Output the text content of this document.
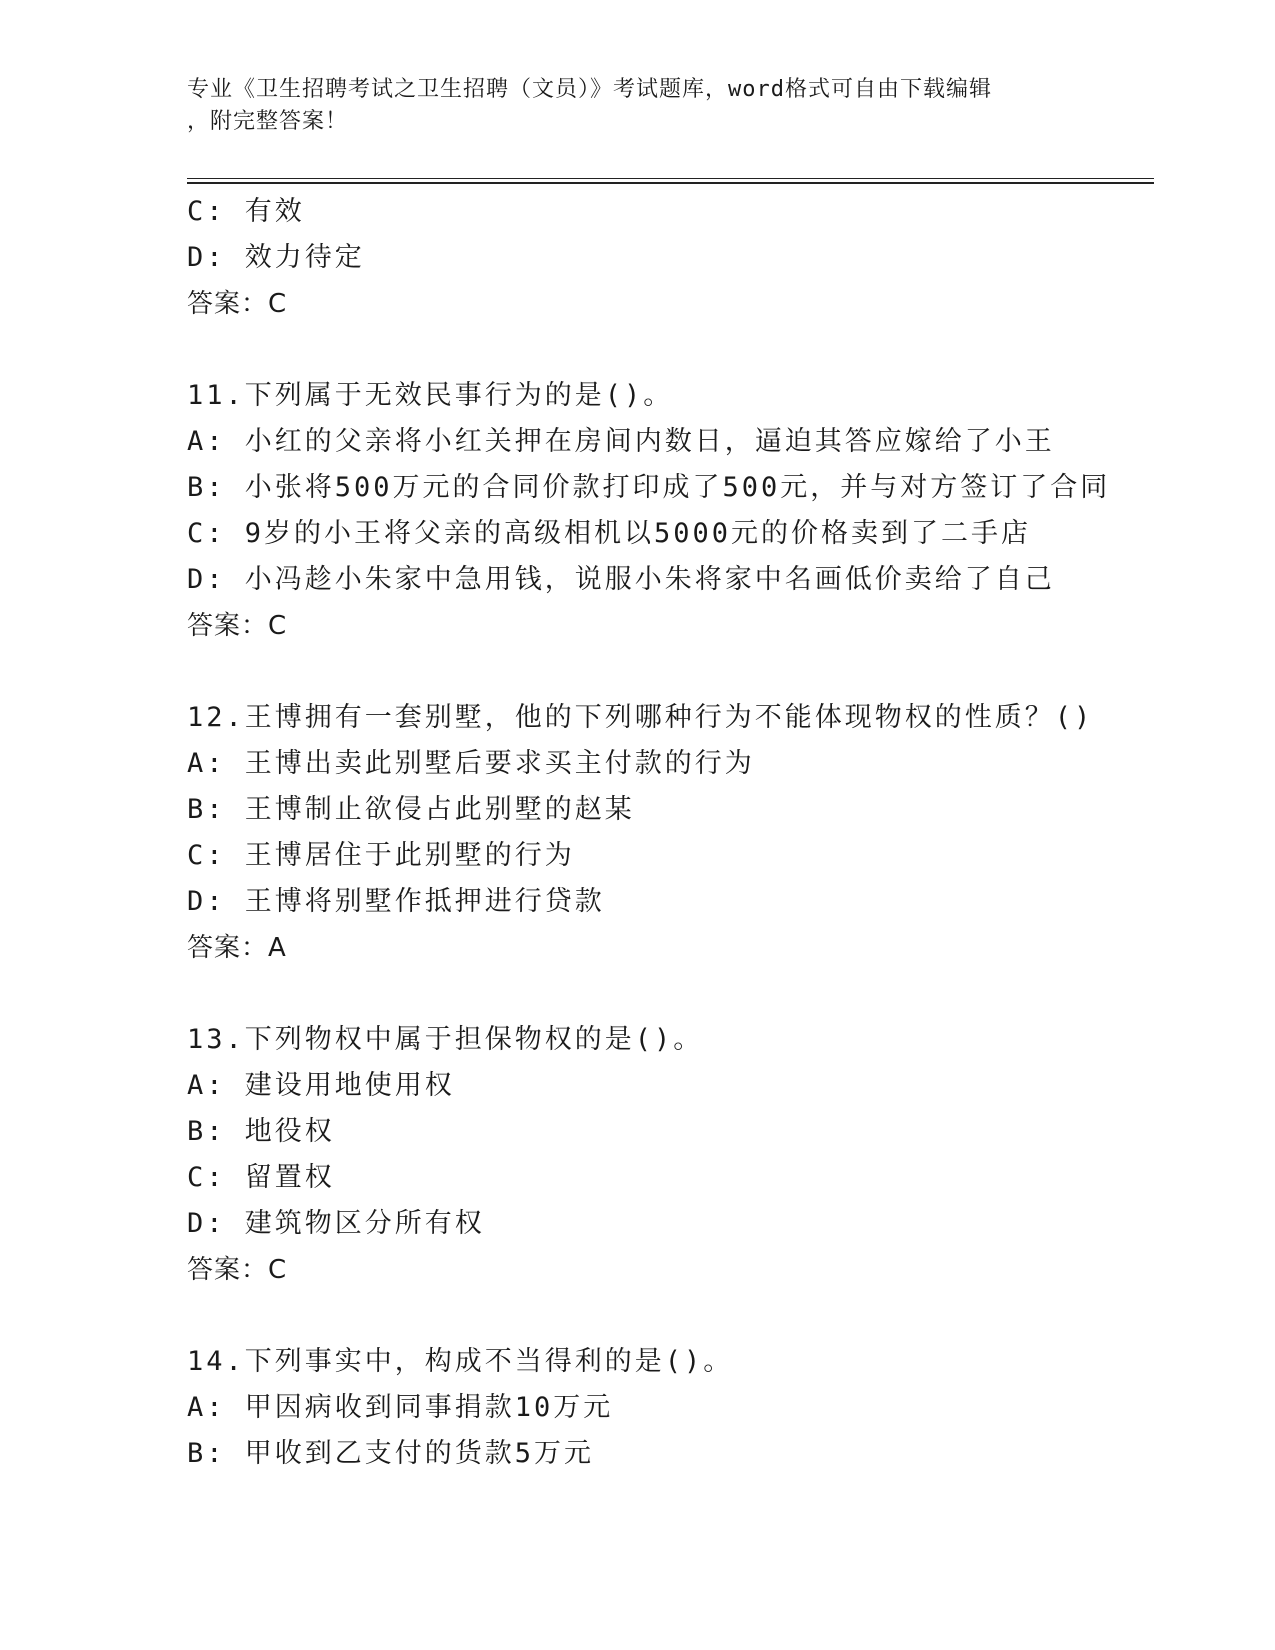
专业《卫生招聘考试之卫生招聘（文员）》考试题库，word格式可自由下载编辑
，附完整答案！
C: 有效
D: 效力待定
答案：C
11.下列属于无效民事行为的是()。
A: 小红的父亲将小红关押在房间内数日，逼迫其答应嫁给了小王
B: 小张将500万元的合同价款打印成了500元，并与对方签订了合同
C: 9岁的小王将父亲的高级相机以5000元的价格卖到了二手店
D: 小冯趁小朱家中急用钱，说服小朱将家中名画低价卖给了自己
答案：C
12.王博拥有一套别墅，他的下列哪种行为不能体现物权的性质？()
A: 王博出卖此别墅后要求买主付款的行为
B: 王博制止欲侵占此别墅的赵某
C: 王博居住于此别墅的行为
D: 王博将别墅作抵押进行贷款
答案：A
13.下列物权中属于担保物权的是()。
A: 建设用地使用权
B: 地役权
C: 留置权
D: 建筑物区分所有权
答案：C
14.下列事实中，构成不当得利的是()。
A: 甲因病收到同事捐款10万元
B: 甲收到乙支付的货款5万元
